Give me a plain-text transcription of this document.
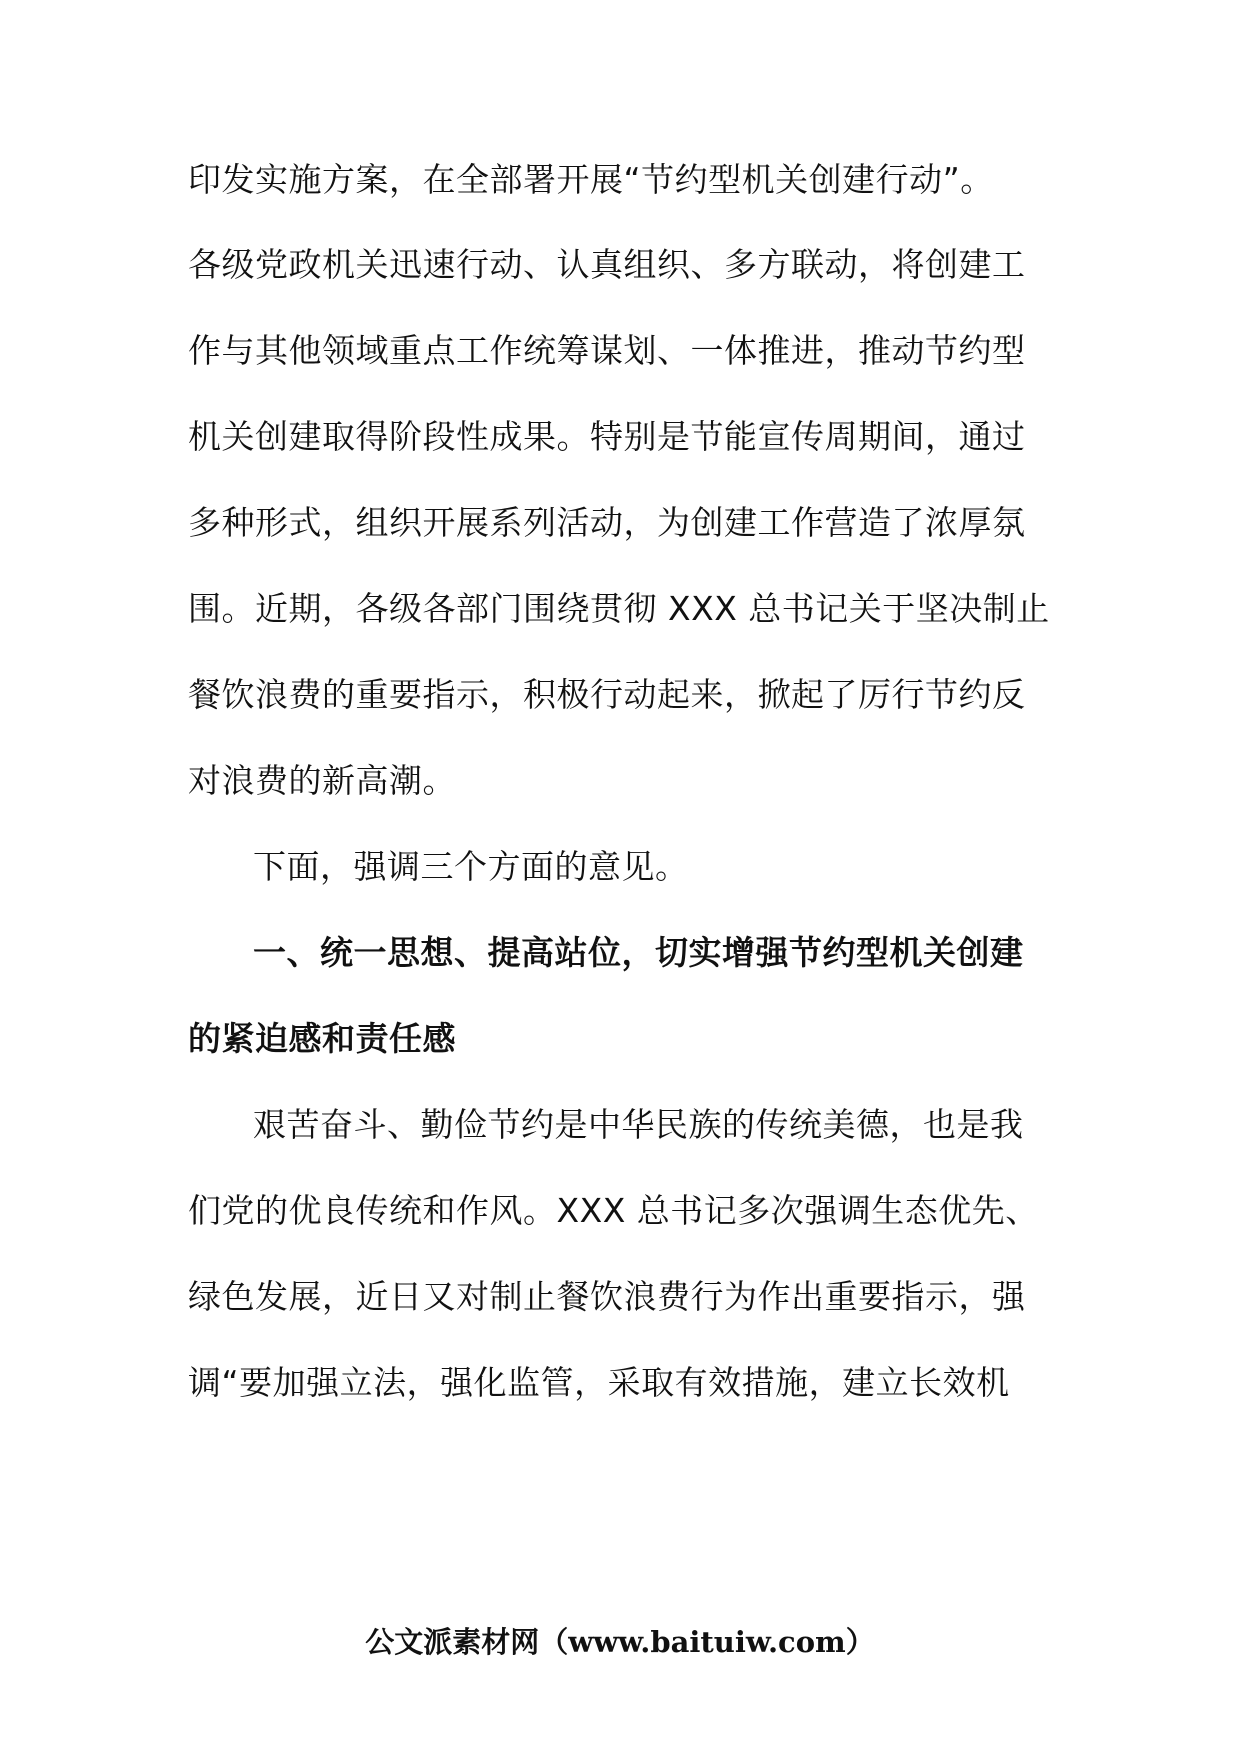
印发实施方案，在全部署开展“节约型机关创建行动”。
各级党政机关迅速行动、认真组织、多方联动，将创建工
作与其他领域重点工作统筹谋划、一体推进，推动节约型
机关创建取得阶段性成果。特别是节能宣传周期间，通过
多种形式，组织开展系列活动，为创建工作营造了浓厚氛
围。近期，各级各部门围绕贯彻 XXX 总书记关于坚决制止
餐饮浪费的重要指示，积极行动起来，掀起了厉行节约反
对浪费的新高潮。
下面，强调三个方面的意见。
一、统一思想、提高站位，切实增强节约型机关创建
的紧迫感和责任感
艰苦奋斗、勤俭节约是中华民族的传统美德，也是我
们党的优良传统和作风。XXX 总书记多次强调生态优先、
绿色发展，近日又对制止餐饮浪费行为作出重要指示，强
调“要加强立法，强化监管，采取有效措施，建立长效机
公文派素材网（www.baituiw.com）
